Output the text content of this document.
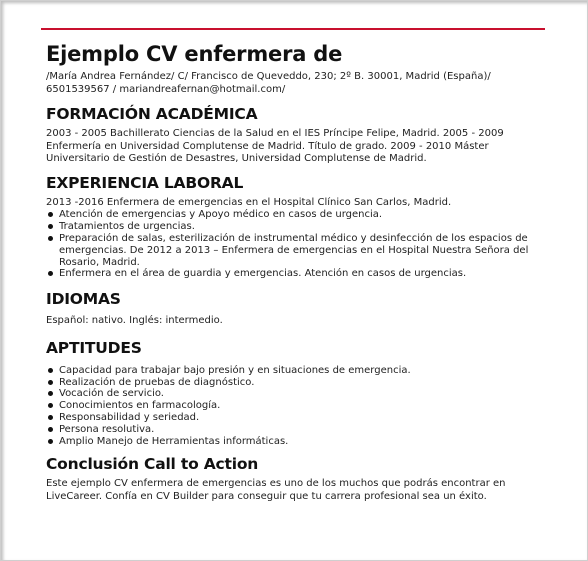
Ejemplo CV enfermera de
/María Andrea Fernández/ C/ Francisco de Queveddo, 230; 2º B. 30001, Madrid (España)/
6501539567 / mariandreafernan@hotmail.com/
FORMACIÓN ACADÉMICA
2003 - 2005 Bachillerato Ciencias de la Salud en el IES Príncipe Felipe, Madrid. 2005 - 2009 Enfermería en Universidad Complutense de Madrid. Título de grado. 2009 - 2010 Máster Universitario de Gestión de Desastres, Universidad Complutense de Madrid.
EXPERIENCIA LABORAL
2013 -2016 Enfermera de emergencias en el Hospital Clínico San Carlos, Madrid.
Atención de emergencias y Apoyo médico en casos de urgencia.
Tratamientos de urgencias.
Preparación de salas, esterilización de instrumental médico y desinfección de los espacios de emergencias. De 2012 a 2013 – Enfermera de emergencias en el Hospital Nuestra Señora del Rosario, Madrid.
Enfermera en el área de guardia y emergencias. Atención en casos de urgencias.
IDIOMAS
Español: nativo. Inglés: intermedio.
APTITUDES
Capacidad para trabajar bajo presión y en situaciones de emergencia.
Realización de pruebas de diagnóstico.
Vocación de servicio.
Conocimientos en farmacología.
Responsabilidad y seriedad.
Persona resolutiva.
Amplio Manejo de Herramientas informáticas.
Conclusión Call to Action
Este ejemplo CV enfermera de emergencias es uno de los muchos que podrás encontrar en LiveCareer. Confía en CV Builder para conseguir que tu carrera profesional sea un éxito.
